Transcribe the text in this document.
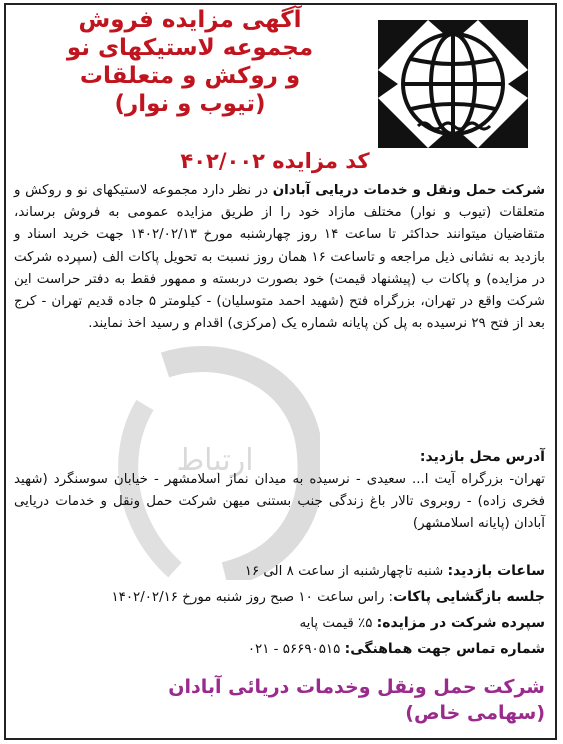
ارتباط
آگهی مزایده فروش
مجموعه لاستیکهای نو
و روکش و متعلقات
(تیوب و نوار)
کد مزایده ۴۰۲/۰۰۲
شرکت حمل ونقل و خدمات دریایی آبادان در نظر دارد مجموعه لاستیکهای نو و روکش و متعلقات (تیوب و نوار) مختلف مازاد خود را از طریق مزایده عمومی به فروش برساند، متقاضیان میتوانند حداکثر تا ساعت ۱۴ روز چهارشنبه مورخ ۱۴۰۲/۰۲/۱۳ جهت خرید اسناد و بازدید به نشانی ذیل مراجعه و تاساعت ۱۶ همان روز نسبت به تحویل پاکات الف (سپرده شرکت در مزایده) و پاکات ب (پیشنهاد قیمت) خود بصورت دربسته و ممهور فقط به دفتر حراست این شرکت واقع در تهران، بزرگراه فتح (شهید احمد متوسلیان) - کیلومتر ۵ جاده قدیم تهران - کرج بعد از فتح ۲۹ نرسیده به پل کن پایانه شماره یک (مرکزی) اقدام و رسید اخذ نمایند.
آدرس محل بازدید:
تهران- بزرگراه آیت ا... سعیدی - نرسیده به میدان نماز اسلامشهر - خیابان سوسنگرد (شهید فخری زاده) - روبروی تالار باغ زندگی جنب بستنی میهن شرکت حمل ونقل و خدمات دریایی آبادان (پایانه اسلامشهر)
ساعات بازدید: شنبه تاچهارشنبه از ساعت ۸ الی ۱۶
جلسه بازگشایی پاکات: راس ساعت ۱۰ صبح روز شنبه مورخ ۱۴۰۲/۰۲/۱۶
سپرده شرکت در مزایده: ۵٪ قیمت پایه
شماره تماس جهت هماهنگی: ۵۶۶۹۰۵۱۵ - ۰۲۱
شرکت حمل ونقل وخدمات دریائی آبادان
(سهامی خاص)
